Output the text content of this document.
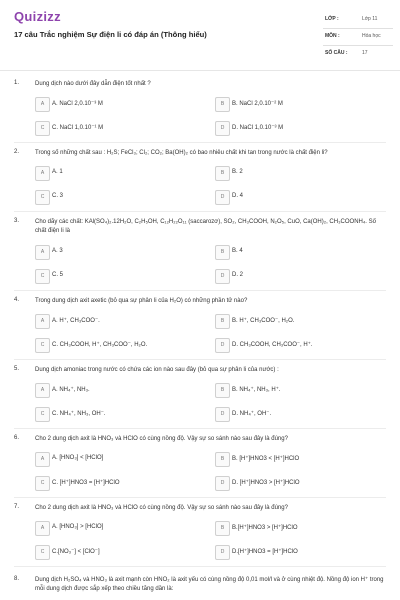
Quizizz
17 câu Trắc nghiệm Sự điện li có đáp án (Thông hiểu)
LỚP :	Lớp 11
MÔN :	Hóa học
SỐ CÂU :	17
1.	Dung dịch nào dưới đây dẫn điện tốt nhất ?
A	A. NaCl 2,0.10⁻³ M	B	B. NaCl 2,0.10⁻² M
C	C. NaCl 1,0.10⁻¹ M	D	D. NaCl 1,0.10⁻³ M
2.	Trong số những chất sau : H₂S; FeCl₃; Cl₂; CO₂; Ba(OH)₂ có bao nhiêu chất khi tan trong nước là chất điện li?
A	A. 1	B	B. 2
C	C. 3	D	D. 4
3.	Cho dãy các chất: KAl(SO₄)₂.12H₂O, C₂H₅OH, C₁₂H₂₂O₁₁ (saccarozơ), SO₂, CH₃COOH, N₂O₅, CuO, Ca(OH)₂, CH₃COONH₄. Số chất điện li là
A	A. 3	B	B. 4
C	C. 5	D	D. 2
4.	Trong dung dịch axit axetic (bỏ qua sự phân li của H₂O) có những phần tử nào?
A	A. H⁺, CH₃COO⁻.	B	B. H⁺, CH₃COO⁻, H₂O.
C	C. CH₃COOH, H⁺, CH₃COO⁻, H₂O.	D	D. CH₃COOH, CH₃COO⁻, H⁺.
5.	Dung dịch amoniac trong nước có chứa các ion nào sau đây (bỏ qua sự phân li của nước) :
A	A. NH₄⁺, NH₃.	B	B. NH₄⁺, NH₃, H⁺.
C	C. NH₄⁺, NH₃, OH⁻.	D	D. NH₄⁺, OH⁻.
6.	Cho 2 dung dịch axit là HNO₃ và HClO có cùng nồng độ. Vậy sự so sánh nào sau đây là đúng?
A	A. [HNO₃] < [HClO]	B	B. [H⁺]HNO3 < [H⁺]HClO
C	C. [H⁺]HNO3 = [H⁺]HClO	D	D. [H⁺]HNO3 > [H⁺]HClO
7.	Cho 2 dung dịch axit là HNO₃ và HClO có cùng nồng độ. Vậy sự so sánh nào sau đây là đúng?
A	A. [HNO₃] > [HClO]	B	B.[H⁺]HNO3 > [H⁺]HClO
C	C.[NO₃⁻] < [ClO⁻]	D	D.[H⁺]HNO3 = [H⁺]HClO
8.	Dung dịch H₂SO₄ và HNO₃ là axit mạnh còn HNO₂ là axit yếu có cùng nồng độ 0,01 mol/l và ở cùng nhiệt độ. Nồng độ ion H⁺ trong mỗi dung dịch được sắp xếp theo chiều tăng dần là:
